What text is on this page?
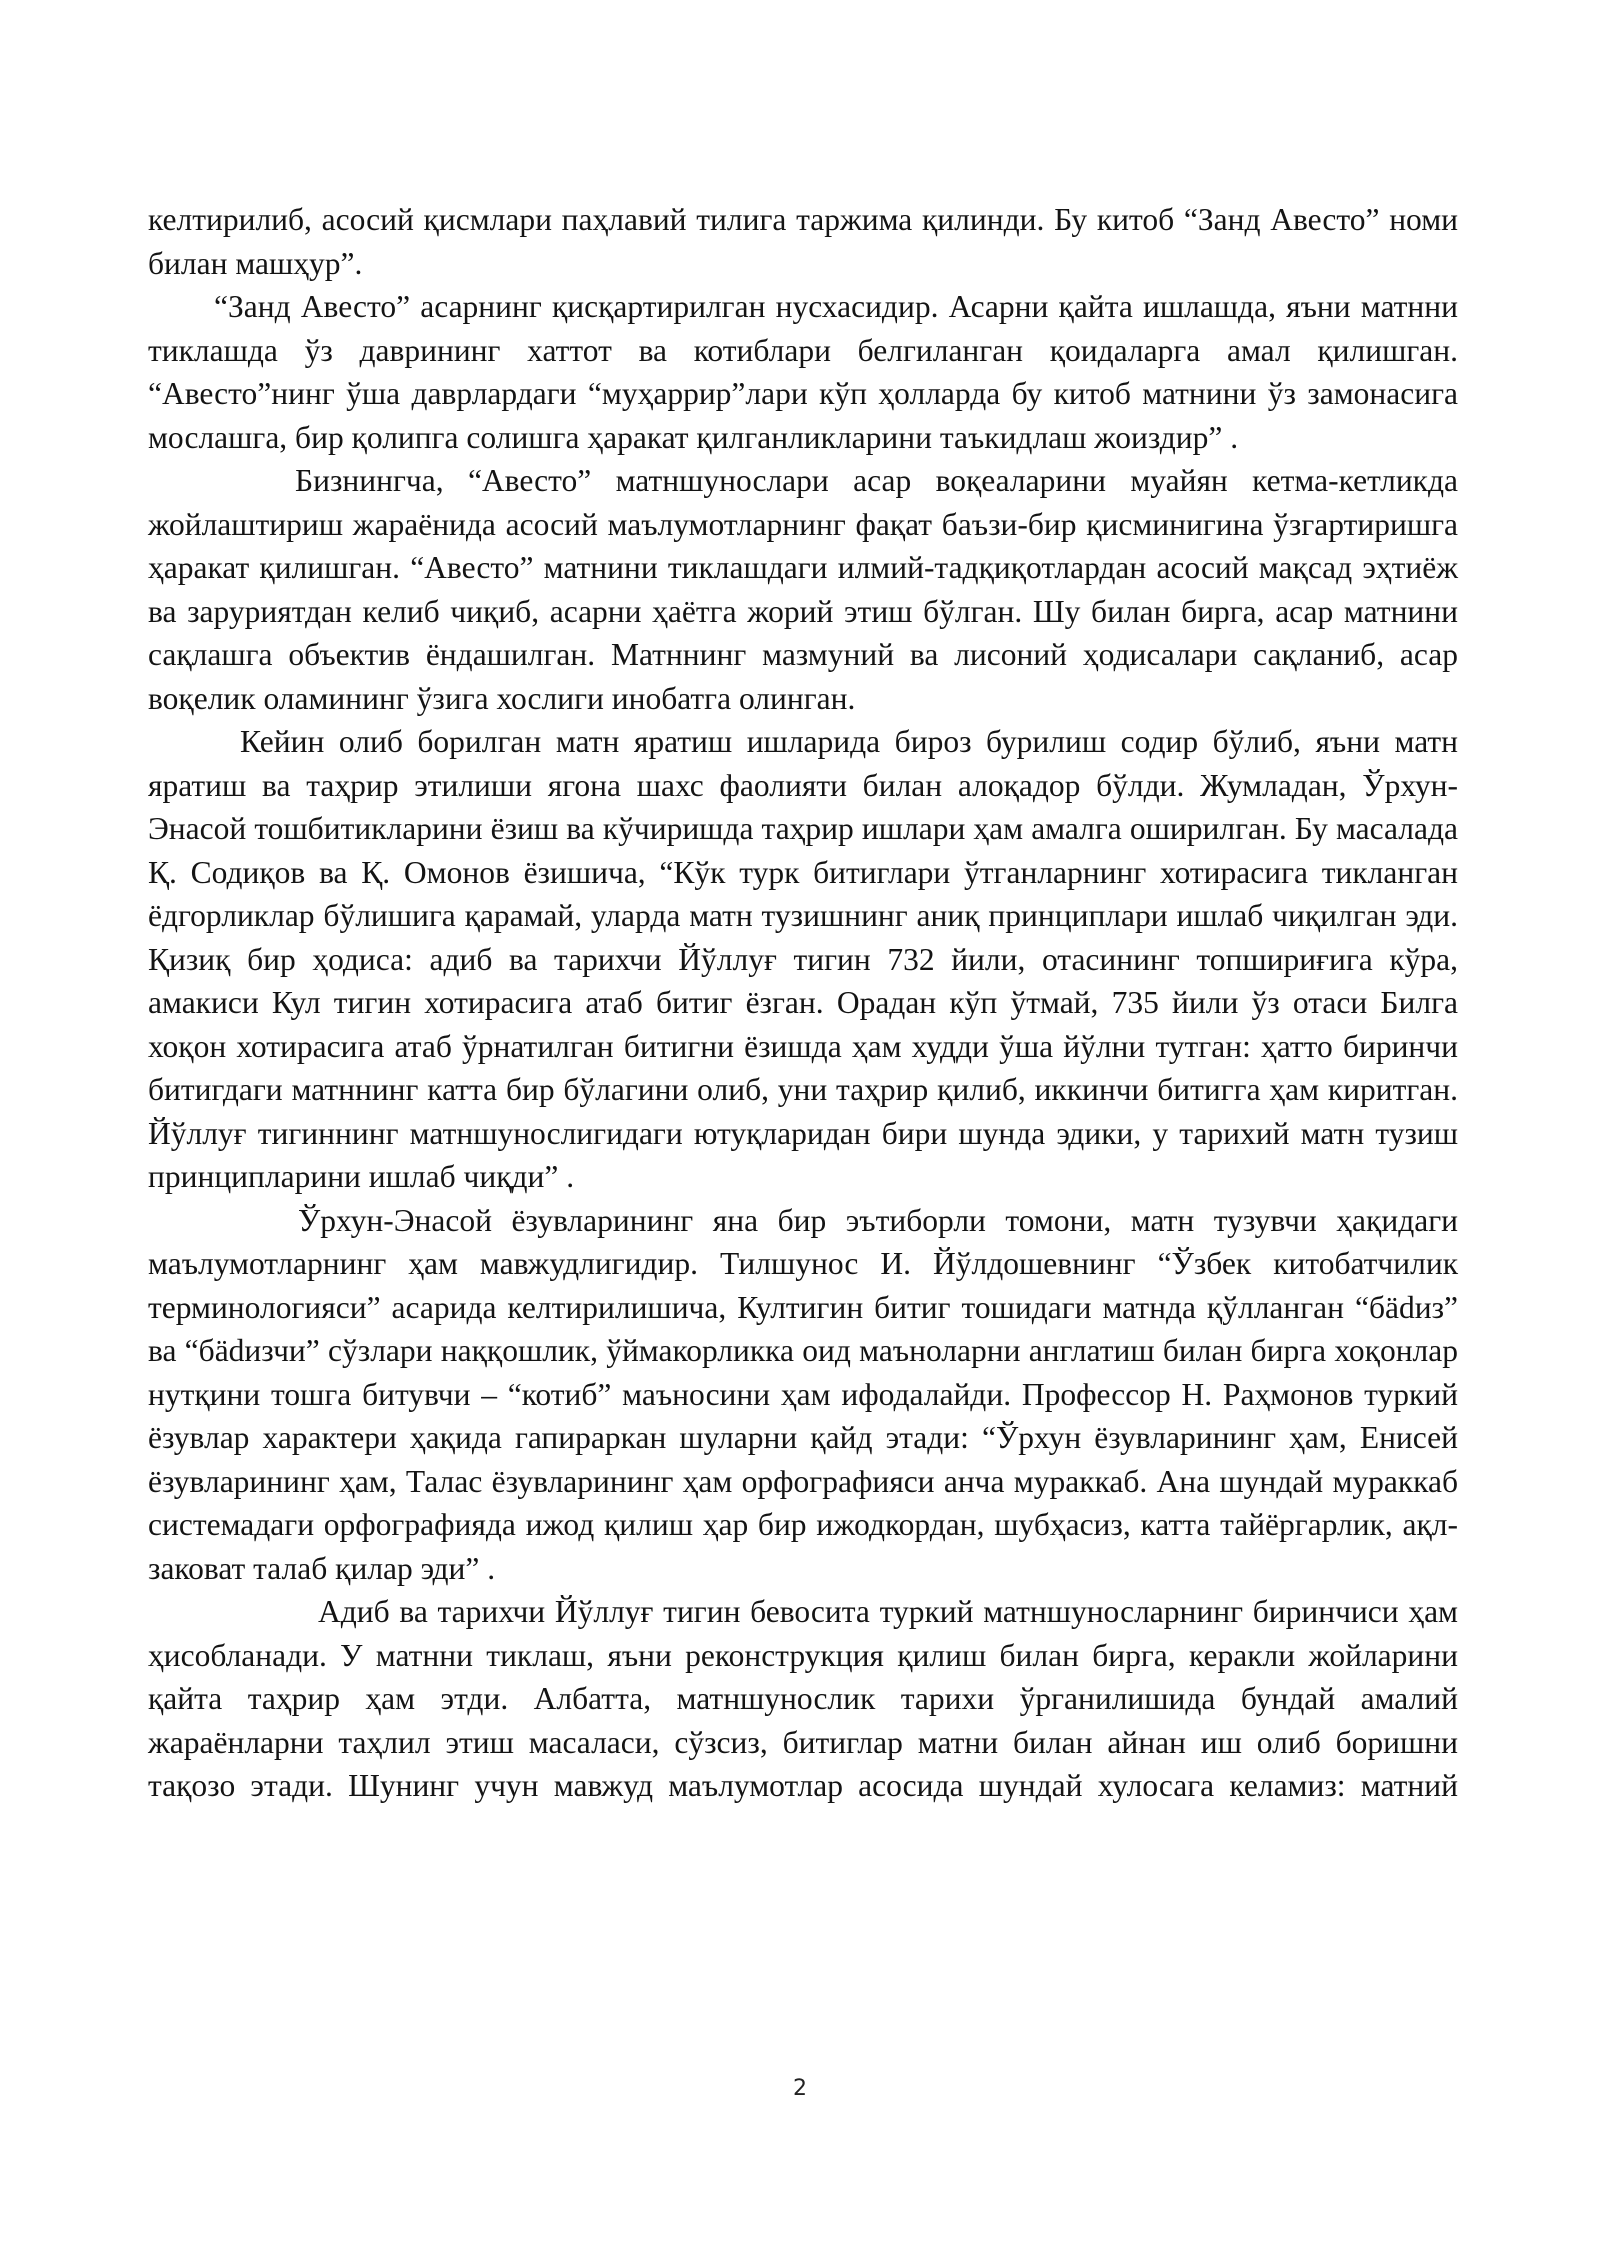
келтирилиб, асосий қисмлари паҳлавий тилига таржима қилинди. Бу китоб “Занд Авесто” номи билан машҳур”.

“Занд Авесто” асарнинг қисқартирилган нусхасидир. Асарни қайта ишлашда, яъни матнни тиклашда ўз даврининг хаттот ва котиблари белгиланган қоидаларга амал қилишган. “Авесто”нинг ўша даврлардаги “муҳаррир”лари кўп ҳолларда бу китоб матнини ўз замонасига мослашга, бир қолипга солишга ҳаракат қилганликларини таъкидлаш жоиздир” .

Бизнингча, “Авесто” матншунослари асар воқеаларини муайян кетма-кетликда жойлаштириш жараёнида асосий маълумотларнинг фақат баъзи-бир қисминигина ўзгартиришга ҳаракат қилишган. “Авесто” матнини тиклашдаги илмий-тадқиқотлардан асосий мақсад эҳтиёж ва заруриятдан келиб чиқиб, асарни ҳаётга жорий этиш бўлган. Шу билан бирга, асар матнини сақлашга объектив ёндашилган. Матннинг мазмуний ва лисоний ҳодисалари сақланиб, асар воқелик оламининг ўзига хослиги инобатга олинган.

Кейин олиб борилган матн яратиш ишларида бироз бурилиш содир бўлиб, яъни матн яратиш ва таҳрир этилиши ягона шахс фаолияти билан алоқадор бўлди. Жумладан, Ўрхун-Энасой тошбитикларини ёзиш ва кўчиришда таҳрир ишлари ҳам амалга оширилган. Бу масалада Қ. Содиқов ва Қ. Омонов ёзишича, “Кўк турк битиглари ўтганларнинг хотирасига тикланган ёдгорликлар бўлишига қарамай, уларда матн тузишнинг аниқ принциплари ишлаб чиқилган эди. Қизиқ бир ҳодиса: адиб ва тарихчи Йўллуғ тигин 732 йили, отасининг топшириғига кўра, амакиси Кул тигин хотирасига атаб битиг ёзган. Орадан кўп ўтмай, 735 йили ўз отаси Билга хоқон хотирасига атаб ўрнатилган битигни ёзишда ҳам худди ўша йўлни тутган: ҳатто биринчи битигдаги матннинг катта бир бўлагини олиб, уни таҳрир қилиб, иккинчи битигга ҳам киритган. Йўллуғ тигиннинг матншунослигидаги ютуқларидан бири шунда эдики, у тарихий матн тузиш принципларини ишлаб чиқди” .

Ўрхун-Энасой ёзувларининг яна бир эътиборли томони, матн тузувчи ҳақидаги маълумотларнинг ҳам мавжудлигидир. Тилшунос И. Йўлдошевнинг “Ўзбек китобатчилик терминологияси” асарида келтирилишича, Култигин битиг тошидаги матнда қўлланган “бädиз” ва “бädизчи” сўзлари наққошлик, ўймакорликка оид маъноларни англатиш билан бирга хоқонлар нутқини тошга битувчи – “котиб” маъносини ҳам ифодалайди. Профессор Н. Раҳмонов туркий ёзувлар характери ҳақида гапираркан шуларни қайд этади: “Ўрхун ёзувларининг ҳам, Енисей ёзувларининг ҳам, Талас ёзувларининг ҳам орфографияси анча мураккаб. Ана шундай мураккаб системадаги орфографияда ижод қилиш ҳар бир ижодкордан, шубҳасиз, катта тайёргарлик, ақл-заковат талаб қилар эди” .

Адиб ва тарихчи Йўллуғ тигин бевосита туркий матншуносларнинг биринчиси ҳам ҳисобланади. У матнни тиклаш, яъни реконструкция қилиш билан бирга, керакли жойларини қайта таҳрир ҳам этди. Албатта, матншунослик тарихи ўрганилишида бундай амалий жараёнларни таҳлил этиш масаласи, сўзсиз, битиглар матни билан айнан иш олиб боришни тақозо этади. Шунинг учун мавжуд маълумотлар асосида шундай хулосага келамиз: матний

2
